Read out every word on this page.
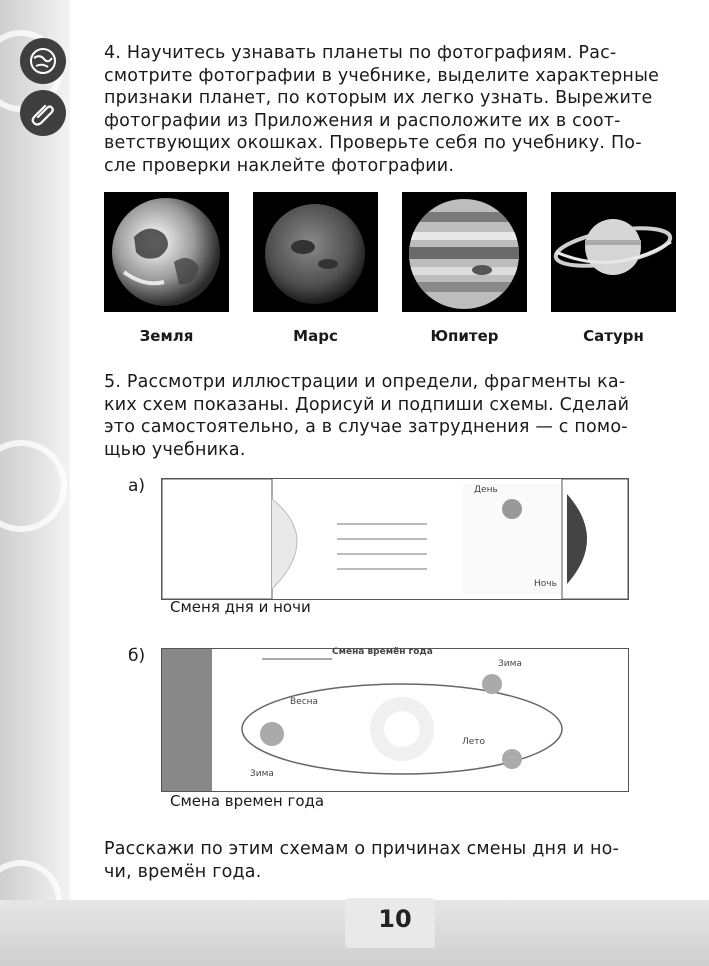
4. Научитесь узнавать планеты по фотографиям. Рас-
смотрите фотографии в учебнике, выделите характерные
признаки планет, по которым их легко узнать. Вырежите
фотографии из Приложения и расположите их в соот-
ветствующих окошках. Проверьте себя по учебнику. По-
сле проверки наклейте фотографии.
Земля	Марс	Юпитер	Сатурн
5. Рассмотри иллюстрации и определи, фрагменты ка-
ких схем показаны. Дорисуй и подпиши схемы. Сделай
это самостоятельно, а в случае затруднения — с помо-
щью учебника.
а)	День
Ночь
Сменя дня и ночи
б)	Смена времён года
Зима
Весна
Лето
Зима
Смена времен года
Расскажи по этим схемам о причинах смены дня и но-
чи, времён года.
10
